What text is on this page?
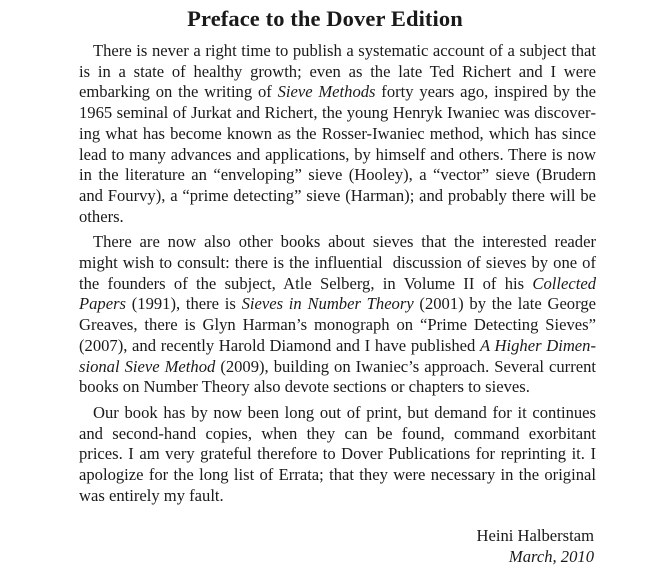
Preface to the Dover Edition

There is never a right time to publish a systematic account of a subject that is in a state of healthy growth; even as the late Ted Richert and I were embarking on the writing of Sieve Methods forty years ago, inspired by the 1965 seminal of Jurkat and Richert, the young Henryk Iwaniec was discovering what has become known as the Rosser-Iwaniec method, which has since lead to many advances and applications, by himself and others. There is now in the literature an “enveloping” sieve (Hooley), a “vector” sieve (Brudern and Fourvy), a “prime detecting” sieve (Harman); and probably there will be others.

There are now also other books about sieves that the interested reader might wish to consult: there is the influential  discussion of sieves by one of the founders of the subject, Atle Selberg, in Volume II of his Collected Papers (1991), there is Sieves in Number Theory (2001) by the late George Greaves, there is Glyn Harman’s monograph on “Prime Detecting Sieves” (2007), and recently Harold Diamond and I have published A Higher Dimensional Sieve Method (2009), building on Iwaniec’s approach. Several current books on Number Theory also devote sections or chapters to sieves.

Our book has by now been long out of print, but demand for it continues and second-hand copies, when they can be found, command exorbitant prices. I am very grateful therefore to Dover Publications for reprinting it. I apologize for the long list of Errata; that they were necessary in the original was entirely my fault.

Heini Halberstam
March, 2010
